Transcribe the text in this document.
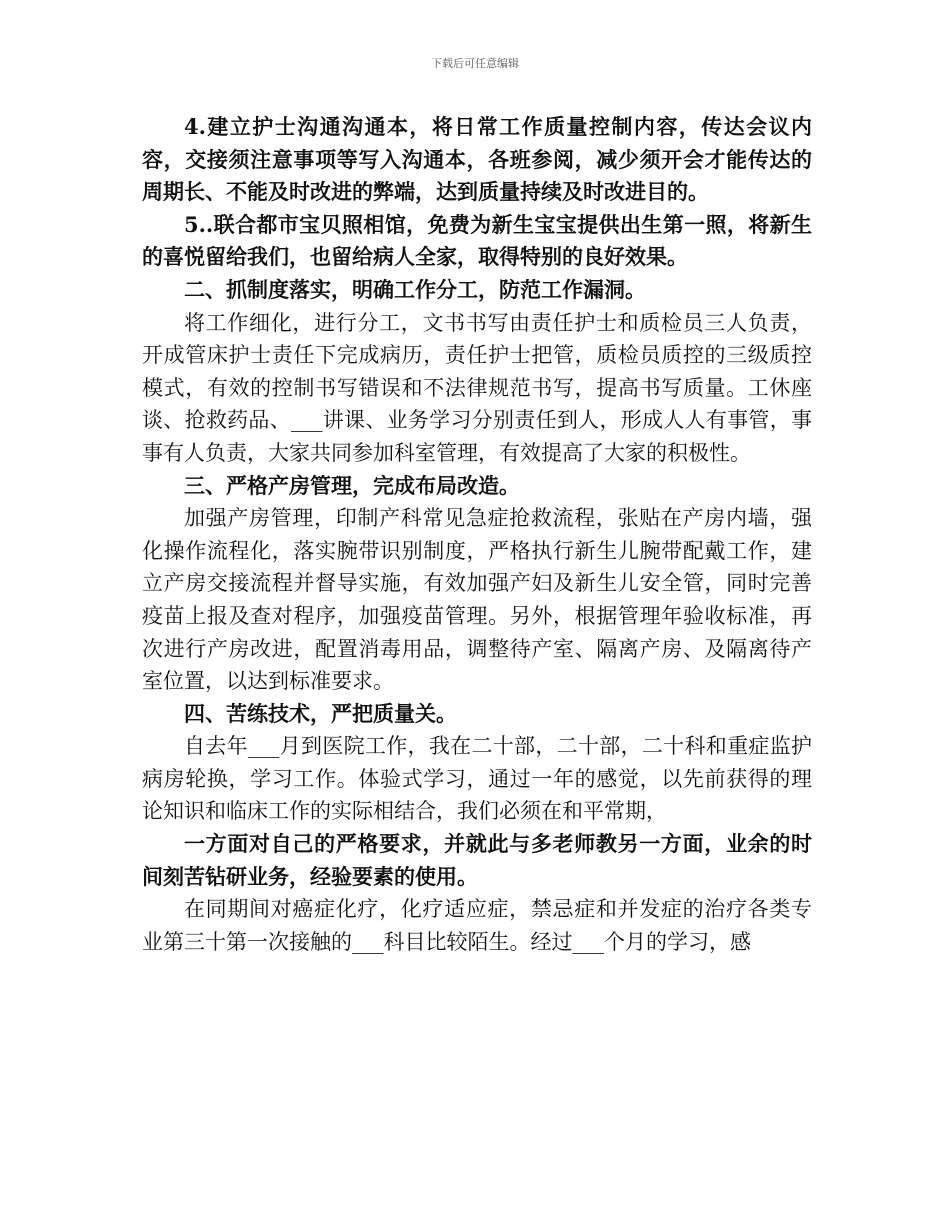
下载后可任意编辑

4.建立护士沟通沟通本，将日常工作质量控制内容，传达会议内容，交接须注意事项等写入沟通本，各班参阅，减少须开会才能传达的周期长、不能及时改进的弊端，达到质量持续及时改进目的。

5..联合都市宝贝照相馆，免费为新生宝宝提供出生第一照，将新生的喜悦留给我们，也留给病人全家，取得特别的良好效果。

二、抓制度落实，明确工作分工，防范工作漏洞。

将工作细化，进行分工，文书书写由责任护士和质检员三人负责，开成管床护士责任下完成病历，责任护士把管，质检员质控的三级质控模式，有效的控制书写错误和不法律规范书写，提高书写质量。工休座谈、抢救药品、___讲课、业务学习分别责任到人，形成人人有事管，事事有人负责，大家共同参加科室管理，有效提高了大家的积极性。

三、严格产房管理，完成布局改造。

加强产房管理，印制产科常见急症抢救流程，张贴在产房内墙，强化操作流程化，落实腕带识别制度，严格执行新生儿腕带配戴工作，建立产房交接流程并督导实施，有效加强产妇及新生儿安全管，同时完善疫苗上报及查对程序，加强疫苗管理。另外，根据管理年验收标准，再次进行产房改进，配置消毒用品，调整待产室、隔离产房、及隔离待产室位置，以达到标准要求。

四、苦练技术，严把质量关。

自去年___月到医院工作，我在二十部，二十部，二十科和重症监护病房轮换，学习工作。体验式学习，通过一年的感觉，以先前获得的理论知识和临床工作的实际相结合，我们必须在和平常期，

一方面对自己的严格要求，并就此与多老师教另一方面，业余的时间刻苦钻研业务，经验要素的使用。

在同期间对癌症化疗，化疗适应症，禁忌症和并发症的治疗各类专业第三十第一次接触的___科目比较陌生。经过___个月的学习，感
